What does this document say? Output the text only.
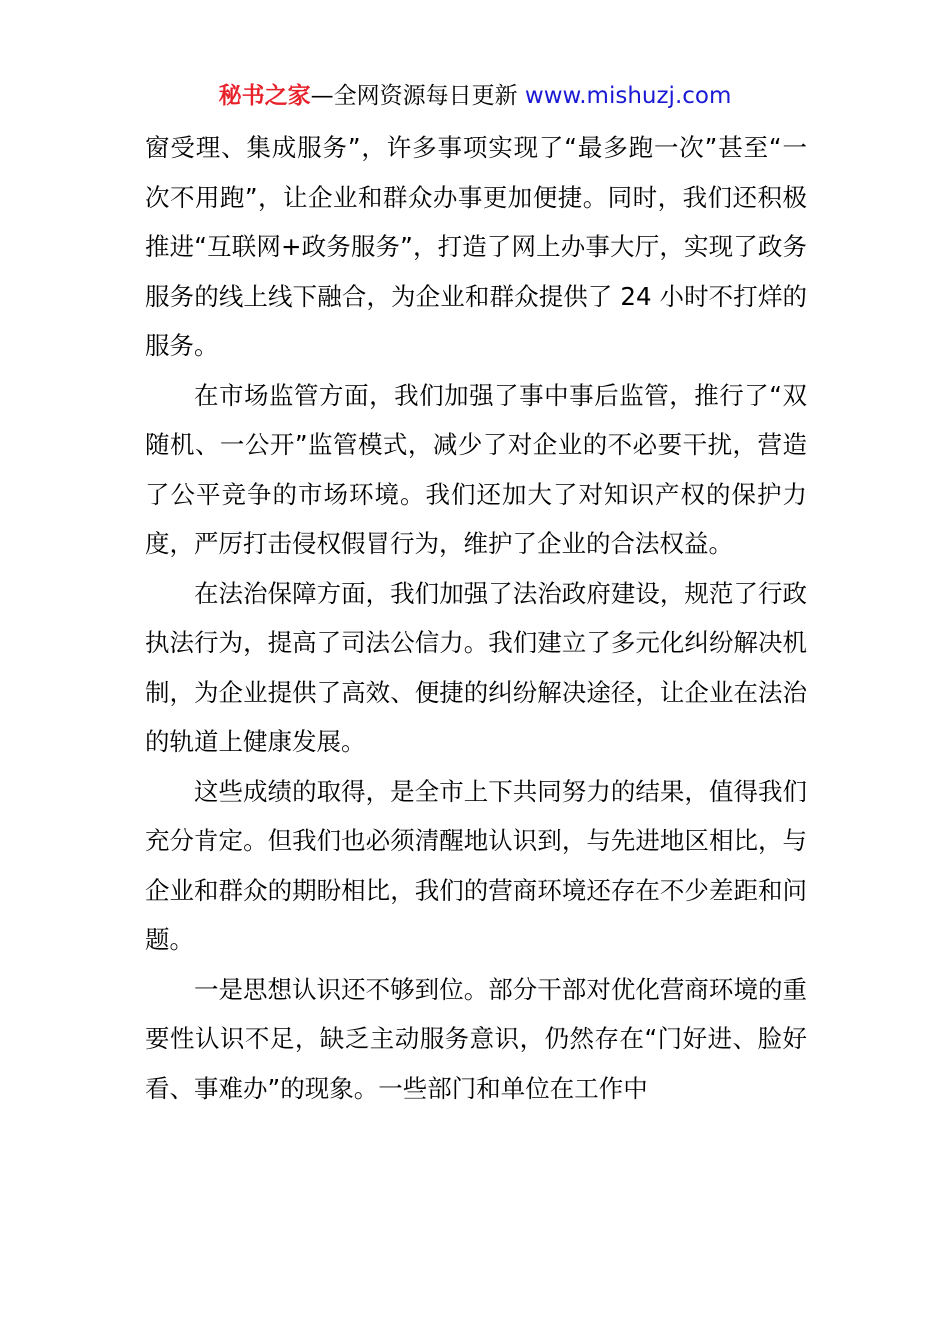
秘书之家—全网资源每日更新 www.mishuzj.com

窗受理、集成服务”，许多事项实现了“最多跑一次”甚至“一次不用跑”，让企业和群众办事更加便捷。同时，我们还积极推进“互联网+政务服务”，打造了网上办事大厅，实现了政务服务的线上线下融合，为企业和群众提供了 24 小时不打烊的服务。

在市场监管方面，我们加强了事中事后监管，推行了“双随机、一公开”监管模式，减少了对企业的不必要干扰，营造了公平竞争的市场环境。我们还加大了对知识产权的保护力度，严厉打击侵权假冒行为，维护了企业的合法权益。

在法治保障方面，我们加强了法治政府建设，规范了行政执法行为，提高了司法公信力。我们建立了多元化纠纷解决机制，为企业提供了高效、便捷的纠纷解决途径，让企业在法治的轨道上健康发展。

这些成绩的取得，是全市上下共同努力的结果，值得我们充分肯定。但我们也必须清醒地认识到，与先进地区相比，与企业和群众的期盼相比，我们的营商环境还存在不少差距和问题。

一是思想认识还不够到位。部分干部对优化营商环境的重要性认识不足，缺乏主动服务意识，仍然存在“门好进、脸好看、事难办”的现象。一些部门和单位在工作中
